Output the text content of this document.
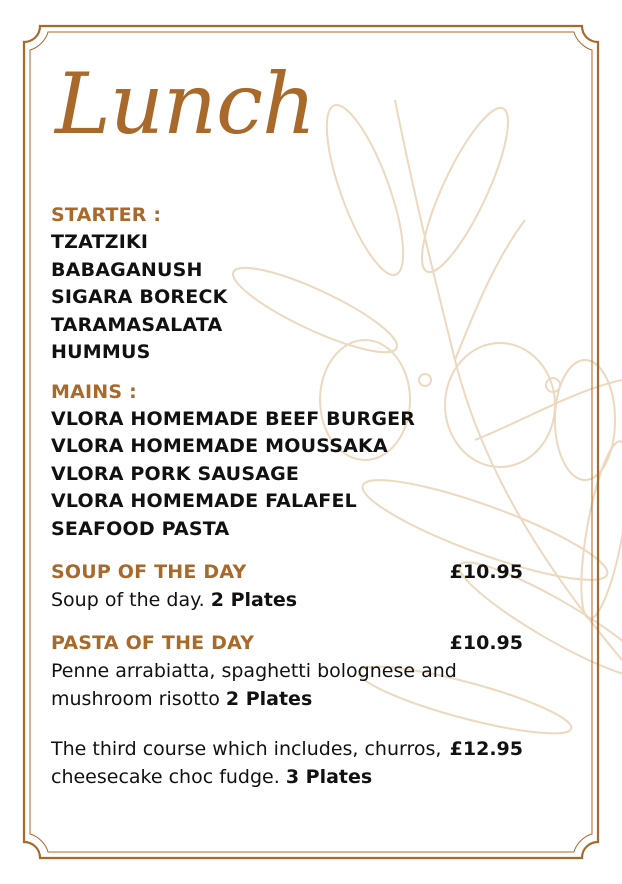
Lunch
STARTER :
TZATZIKI
BABAGANUSH
SIGARA BORECK
TARAMASALATA
HUMMUS
MAINS :
VLORA HOMEMADE BEEF BURGER
VLORA HOMEMADE MOUSSAKA
VLORA PORK SAUSAGE
VLORA HOMEMADE FALAFEL
SEAFOOD PASTA
SOUP OF THE DAY	£10.95
Soup of the day. 2 Plates
PASTA OF THE DAY	£10.95
Penne arrabiatta, spaghetti bolognese and mushroom risotto 2 Plates
£12.95
The third course which includes, churros, cheesecake choc fudge. 3 Plates
